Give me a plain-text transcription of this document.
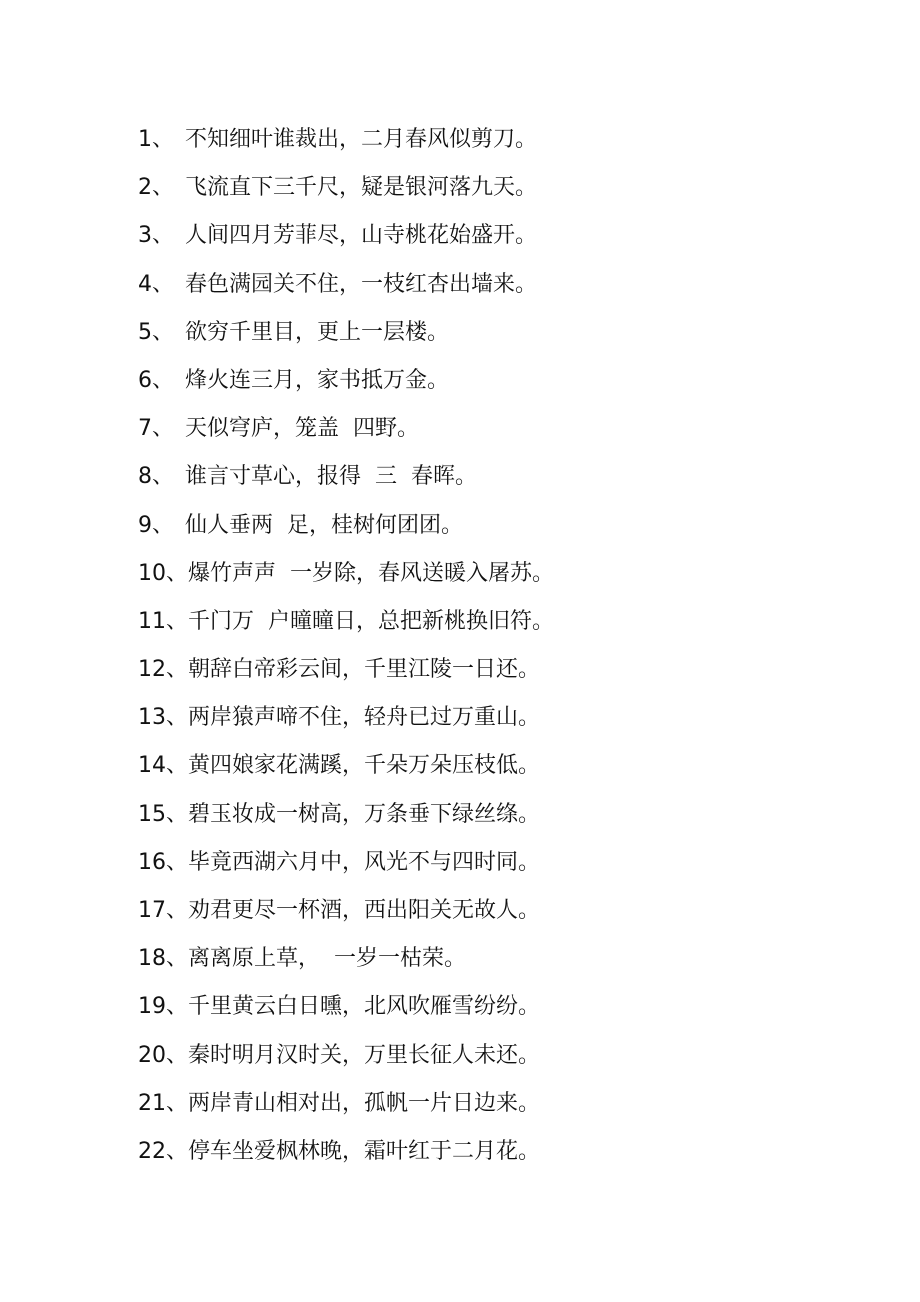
1、 不知细叶谁裁出，二月春风似剪刀。
2、 飞流直下三千尺，疑是银河落九天。
3、 人间四月芳菲尽，山寺桃花始盛开。
4、 春色满园关不住，一枝红杏出墙来。
5、 欲穷千里目，更上一层楼。
6、 烽火连三月，家书抵万金。
7、 天似穹庐，笼盖  四野。
8、 谁言寸草心，报得  三  春晖。
9、 仙人垂两  足，桂树何团团。
10、爆竹声声  一岁除，春风送暖入屠苏。
11、千门万  户曈曈日，总把新桃换旧符。
12、朝辞白帝彩云间，千里江陵一日还。
13、两岸猿声啼不住，轻舟已过万重山。
14、黄四娘家花满蹊，千朵万朵压枝低。
15、碧玉妆成一树高，万条垂下绿丝绦。
16、毕竟西湖六月中，风光不与四时同。
17、劝君更尽一杯酒，西出阳关无故人。
18、离离原上草，  一岁一枯荣。
19、千里黄云白日曛，北风吹雁雪纷纷。
20、秦时明月汉时关，万里长征人未还。
21、两岸青山相对出，孤帆一片日边来。
22、停车坐爱枫林晚，霜叶红于二月花。
